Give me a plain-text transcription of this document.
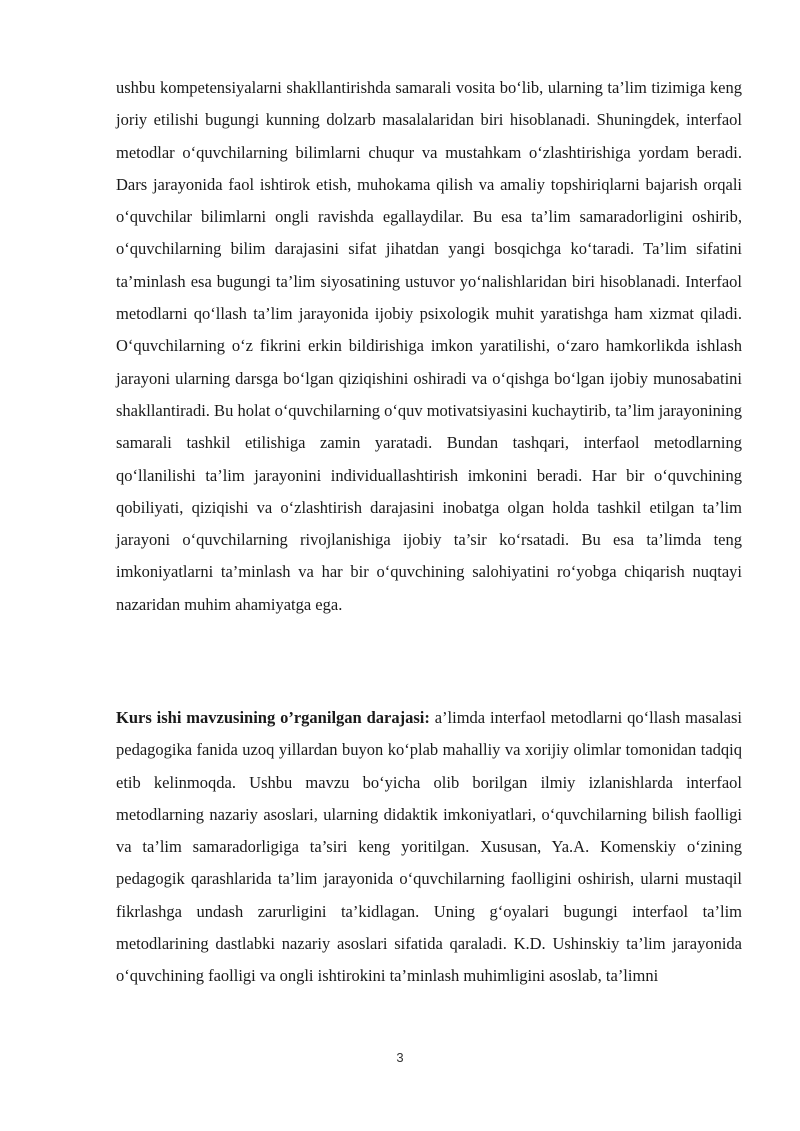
ushbu kompetensiyalarni shakllantirishda samarali vosita bo‘lib, ularning ta’lim tizimiga keng joriy etilishi bugungi kunning dolzarb masalalaridan biri hisoblanadi. Shuningdek, interfaol metodlar o‘quvchilarning bilimlarni chuqur va mustahkam o‘zlashtirishiga yordam beradi. Dars jarayonida faol ishtirok etish, muhokama qilish va amaliy topshiriqlarni bajarish orqali o‘quvchilar bilimlarni ongli ravishda egallaydilar. Bu esa ta’lim samaradorligini oshirib, o‘quvchilarning bilim darajasini sifat jihatdan yangi bosqichga ko‘taradi. Ta’lim sifatini ta’minlash esa bugungi ta’lim siyosatining ustuvor yo‘nalishlaridan biri hisoblanadi. Interfaol metodlarni qo‘llash ta’lim jarayonida ijobiy psixologik muhit yaratishga ham xizmat qiladi. O‘quvchilarning o‘z fikrini erkin bildirishiga imkon yaratilishi, o‘zaro hamkorlikda ishlash jarayoni ularning darsga bo‘lgan qiziqishini oshiradi va o‘qishga bo‘lgan ijobiy munosabatini shakllantiradi. Bu holat o‘quvchilarning o‘quv motivatsiyasini kuchaytirib, ta’lim jarayonining samarali tashkil etilishiga zamin yaratadi. Bundan tashqari, interfaol metodlarning qo‘llanilishi ta’lim jarayonini individuallashtirish imkonini beradi. Har bir o‘quvchining qobiliyati, qiziqishi va o‘zlashtirish darajasini inobatga olgan holda tashkil etilgan ta’lim jarayoni o‘quvchilarning rivojlanishiga ijobiy ta’sir ko‘rsatadi. Bu esa ta’limda teng imkoniyatlarni ta’minlash va har bir o‘quvchining salohiyatini ro‘yobga chiqarish nuqtayi nazaridan muhim ahamiyatga ega.

Kurs ishi mavzusining o’rganilgan darajasi: a’limda interfaol metodlarni qo‘llash masalasi pedagogika fanida uzoq yillardan buyon ko‘plab mahalliy va xorijiy olimlar tomonidan tadqiq etib kelinmoqda. Ushbu mavzu bo‘yicha olib borilgan ilmiy izlanishlarda interfaol metodlarning nazariy asoslari, ularning didaktik imkoniyatlari, o‘quvchilarning bilish faolligi va ta’lim samaradorligiga ta’siri keng yoritilgan. Xususan, Ya.A. Komenskiy o‘zining pedagogik qarashlarida ta’lim jarayonida o‘quvchilarning faolligini oshirish, ularni mustaqil fikrlashga undash zarurligini ta’kidlagan. Uning g‘oyalari bugungi interfaol ta’lim metodlarining dastlabki nazariy asoslari sifatida qaraladi. K.D. Ushinskiy ta’lim jarayonida o‘quvchining faolligi va ongli ishtirokini ta’minlash muhimligini asoslab, ta’limni

3
